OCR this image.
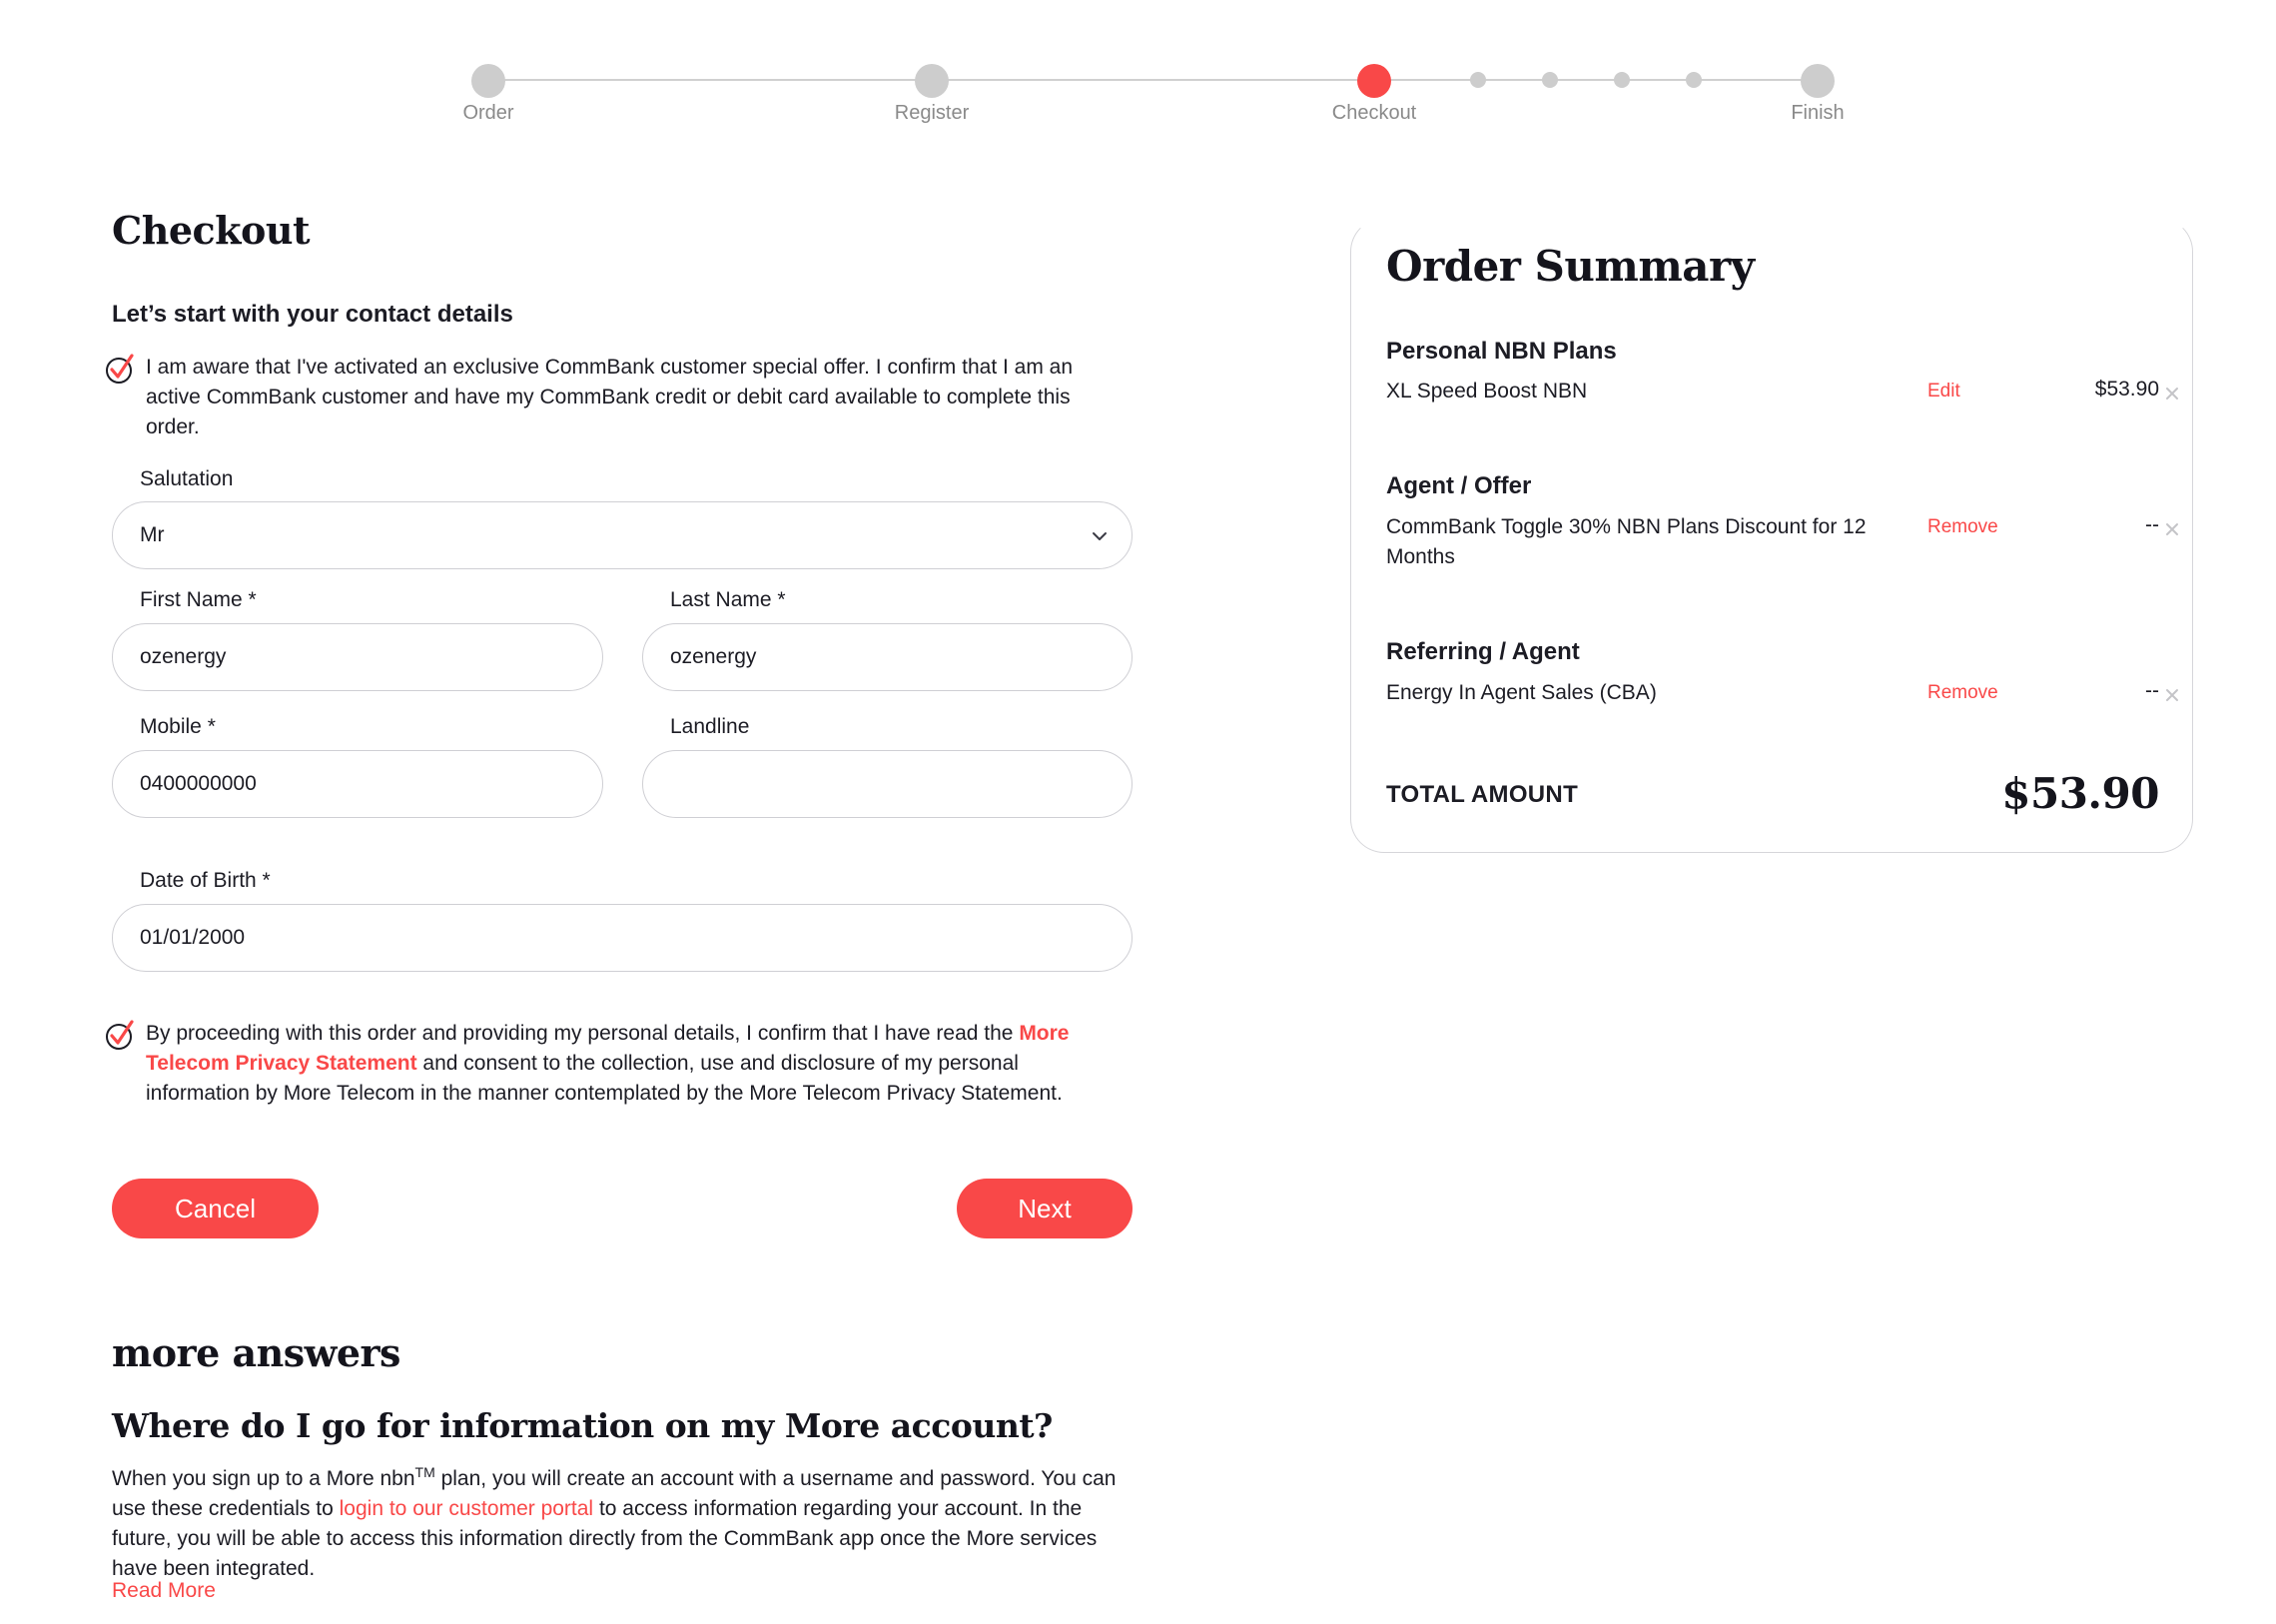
Order	Register	Checkout	Finish
Checkout
Let’s start with your contact details
I am aware that I've activated an exclusive CommBank customer special offer. I confirm that I am an active CommBank customer and have my CommBank credit or debit card available to complete this order.
Salutation
Mr
First Name *
ozenergy
Last Name *
ozenergy
Mobile *
0400000000
Landline
Date of Birth *
01/01/2000
By proceeding with this order and providing my personal details, I confirm that I have read the More Telecom Privacy Statement and consent to the collection, use and disclosure of my personal information by More Telecom in the manner contemplated by the More Telecom Privacy Statement.
Cancel	Next
Order Summary
Personal NBN Plans
XL Speed Boost NBN	Edit	$53.90
Agent / Offer
CommBank Toggle 30% NBN Plans Discount for 12 Months
Remove	--
Referring / Agent
Energy In Agent Sales (CBA)	Remove	--
TOTAL AMOUNT	$53.90
more answers
Where do I go for information on my More account?
When you sign up to a More nbn™ plan, you will create an account with a username and password. You can use these credentials to login to our customer portal to access information regarding your account. In the future, you will be able to access this information directly from the CommBank app once the More services have been integrated.
Read More
